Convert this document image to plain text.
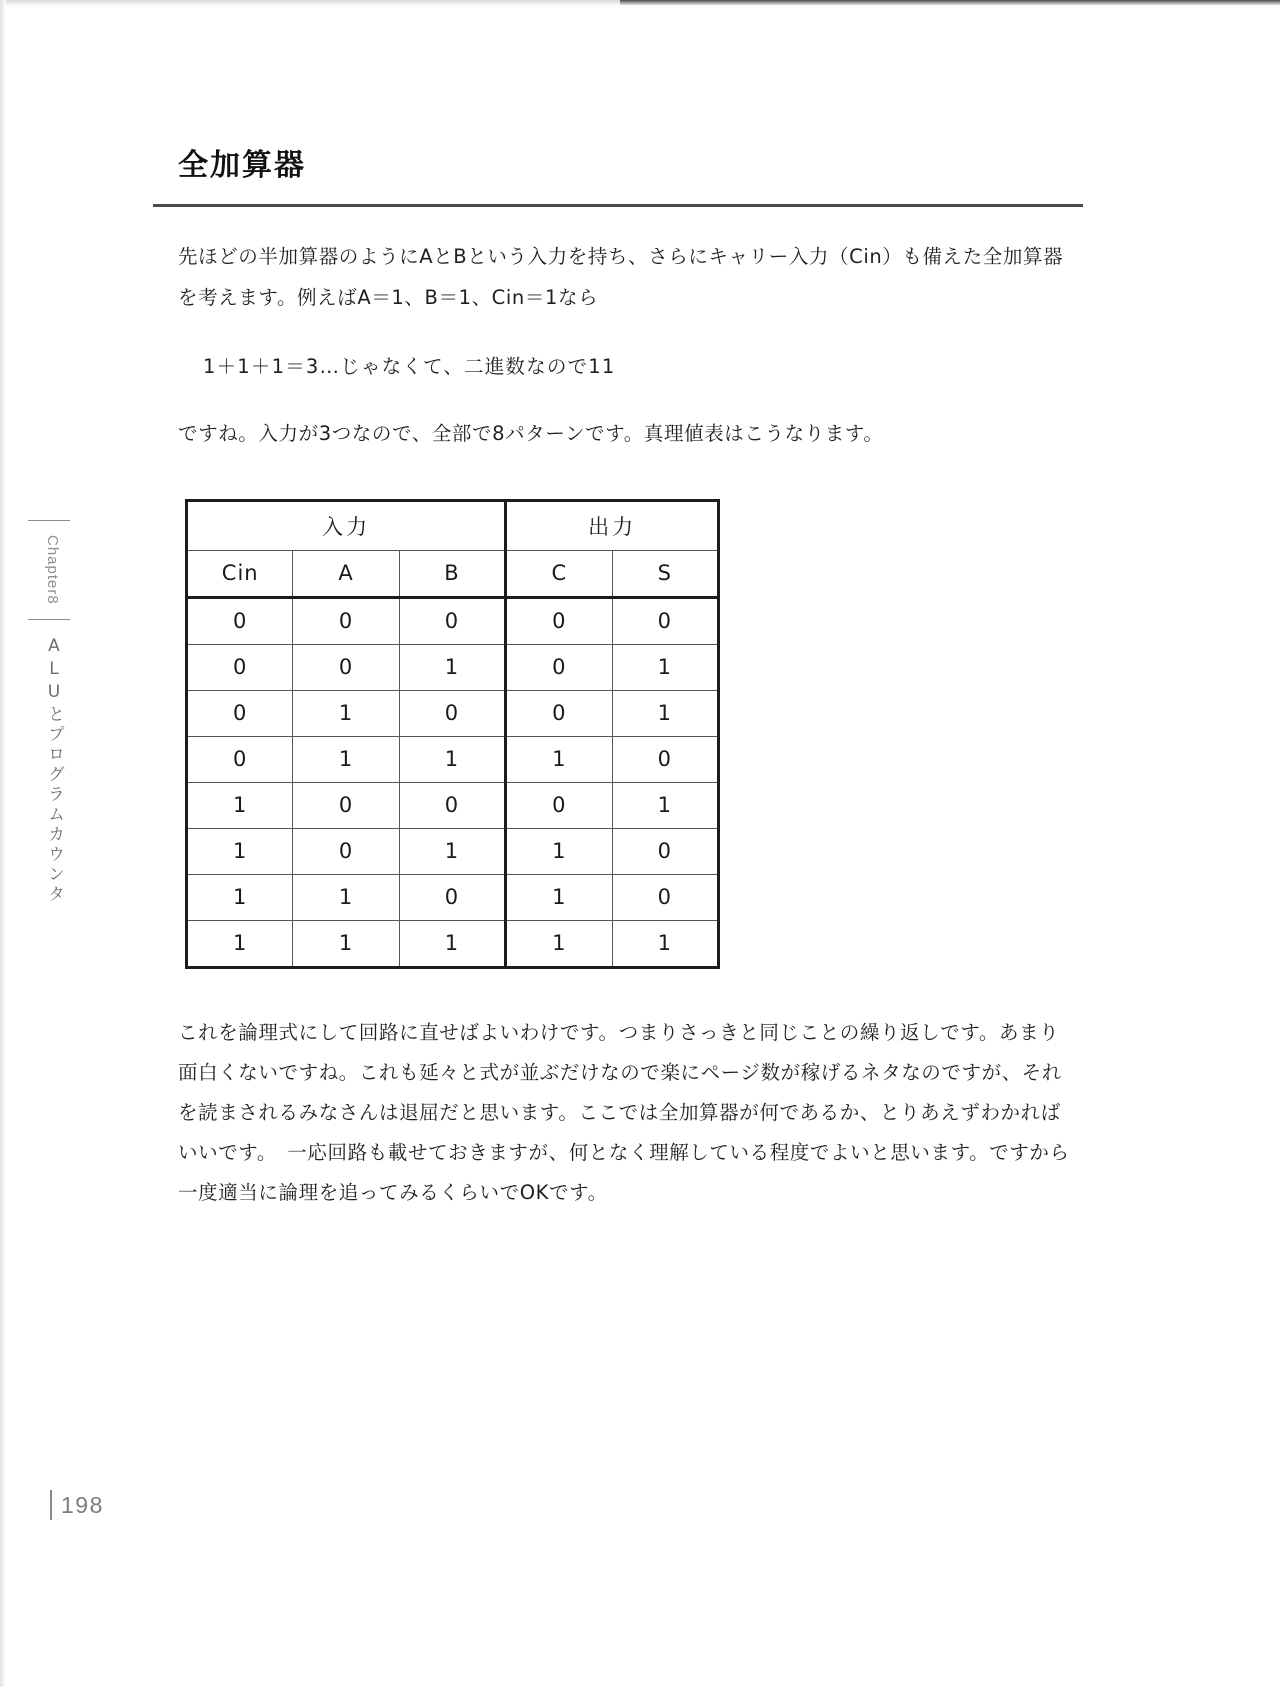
Chapter8
ALUとプログラムカウンタ
全加算器

先ほどの半加算器のようにAとBという入力を持ち、さらにキャリー入力（Cin）も備えた全加算器を考えます。例えばA＝1、B＝1、Cin＝1なら

1＋1＋1＝3…じゃなくて、二進数なので11

ですね。入力が3つなので、全部で8パターンです。真理値表はこうなります。

入力			出力	
Cin	A	B	C	S
0	0	0	0	0
0	0	1	0	1
0	1	0	0	1
0	1	1	1	0
1	0	0	0	1
1	0	1	1	0
1	1	0	1	0
1	1	1	1	1

これを論理式にして回路に直せばよいわけです。つまりさっきと同じことの繰り返しです。あまり面白くないですね。これも延々と式が並ぶだけなので楽にページ数が稼げるネタなのですが、それを読まされるみなさんは退屈だと思います。ここでは全加算器が何であるか、とりあえずわかればいいです。　一応回路も載せておきますが、何となく理解している程度でよいと思います。ですから一度適当に論理を追ってみるくらいでOKです。

198
